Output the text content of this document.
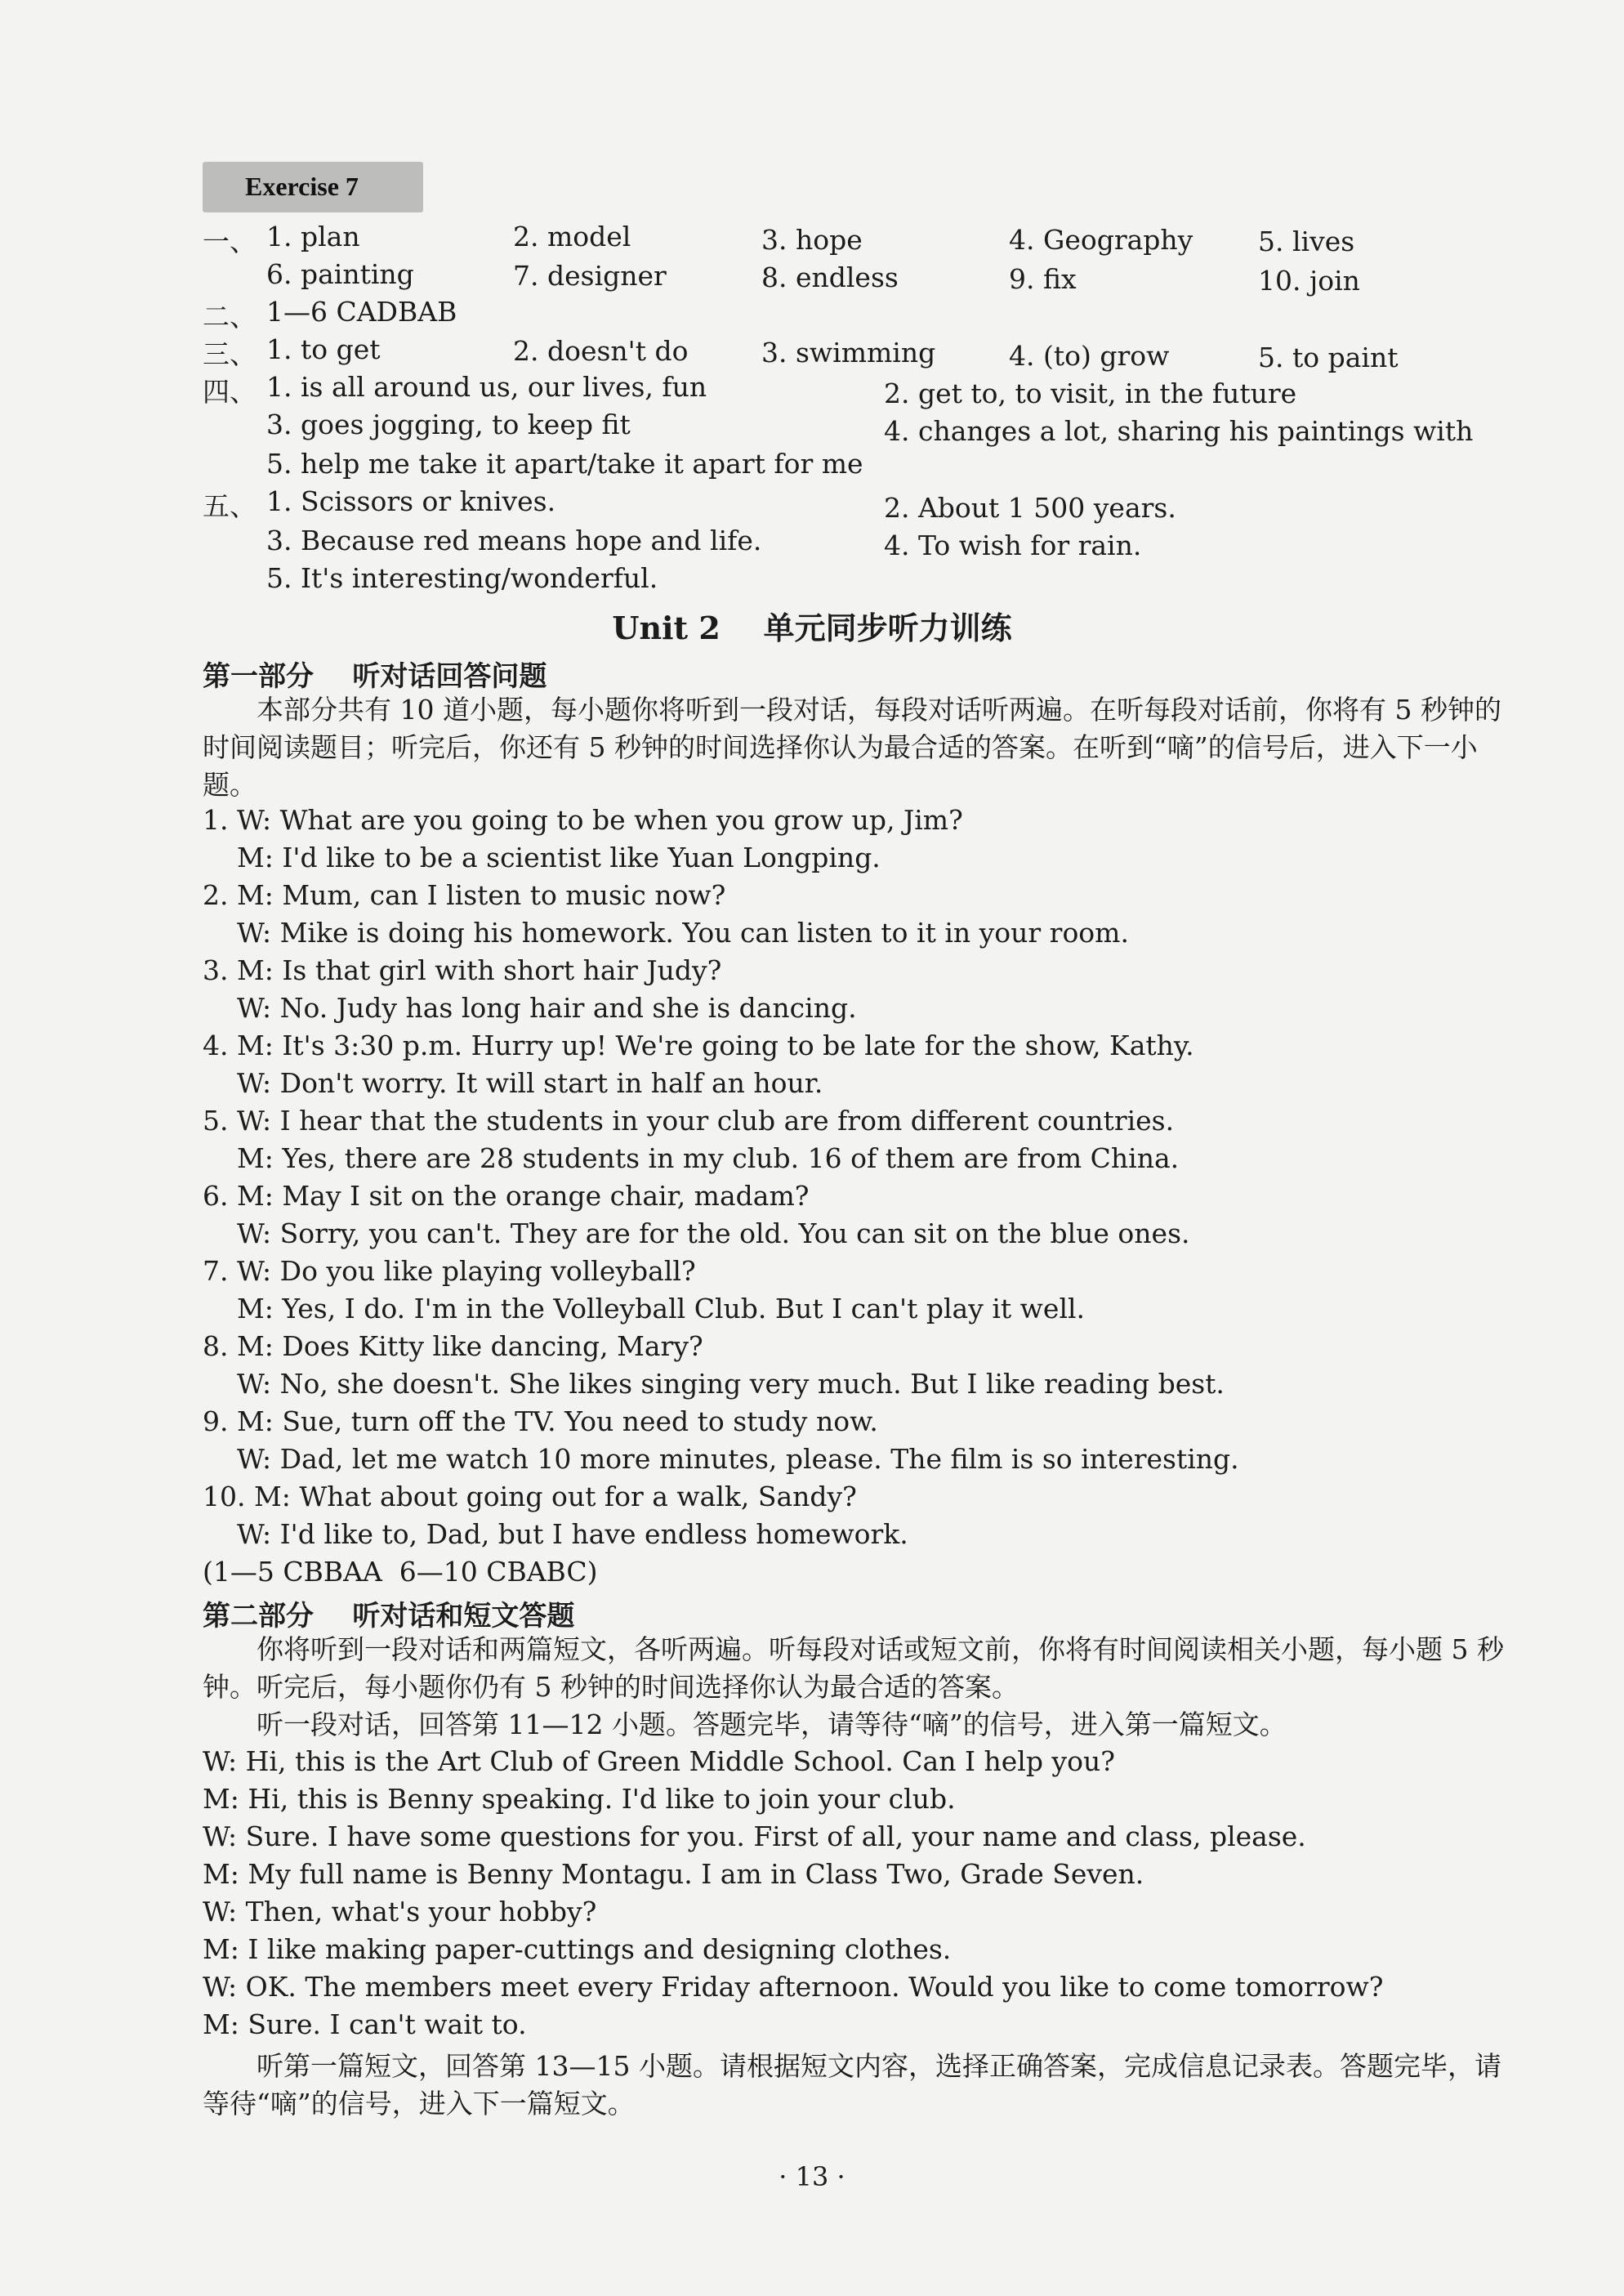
Exercise 7
一、 1. plan	2. model	3. hope	4. Geography 5. lives
6. painting	7. designer	8. endless	9. fix	10. join
二、 1—6 CADBAB
三、 1. to get	2. doesn't do	3. swimming	4. (to) grow	5. to paint
四、 1. is all around us, our lives, fun	2. get to, to visit, in the future
3. goes jogging, to keep fit	4. changes a lot, sharing his paintings with
5. help me take it apart/take it apart for me
五、 1. Scissors or knives.	2. About 1 500 years.
3. Because red means hope and life.	4. To wish for rain.
5. It's interesting/wonderful.
Unit 2    单元同步听力训练
第一部分    听对话回答问题
本部分共有 10 道小题，每小题你将听到一段对话，每段对话听两遍。在听每段对话前，你将有 5 秒钟的时间阅读题目；听完后，你还有 5 秒钟的时间选择你认为最合适的答案。在听到“嘀”的信号后，进入下一小题。
1. W: What are you going to be when you grow up, Jim?
M: I'd like to be a scientist like Yuan Longping.
2. M: Mum, can I listen to music now?
W: Mike is doing his homework. You can listen to it in your room.
3. M: Is that girl with short hair Judy?
W: No. Judy has long hair and she is dancing.
4. M: It's 3:30 p.m. Hurry up! We're going to be late for the show, Kathy.
W: Don't worry. It will start in half an hour.
5. W: I hear that the students in your club are from different countries.
M: Yes, there are 28 students in my club. 16 of them are from China.
6. M: May I sit on the orange chair, madam?
W: Sorry, you can't. They are for the old. You can sit on the blue ones.
7. W: Do you like playing volleyball?
M: Yes, I do. I'm in the Volleyball Club. But I can't play it well.
8. M: Does Kitty like dancing, Mary?
W: No, she doesn't. She likes singing very much. But I like reading best.
9. M: Sue, turn off the TV. You need to study now.
W: Dad, let me watch 10 more minutes, please. The film is so interesting.
10. M: What about going out for a walk, Sandy?
W: I'd like to, Dad, but I have endless homework.
(1—5 CBBAA  6—10 CBABC)
第二部分    听对话和短文答题
你将听到一段对话和两篇短文，各听两遍。听每段对话或短文前，你将有时间阅读相关小题，每小题 5 秒钟。听完后，每小题你仍有 5 秒钟的时间选择你认为最合适的答案。
听一段对话，回答第 11—12 小题。答题完毕，请等待“嘀”的信号，进入第一篇短文。
W: Hi, this is the Art Club of Green Middle School. Can I help you?
M: Hi, this is Benny speaking. I'd like to join your club.
W: Sure. I have some questions for you. First of all, your name and class, please.
M: My full name is Benny Montagu. I am in Class Two, Grade Seven.
W: Then, what's your hobby?
M: I like making paper-cuttings and designing clothes.
W: OK. The members meet every Friday afternoon. Would you like to come tomorrow?
M: Sure. I can't wait to.
听第一篇短文，回答第 13—15 小题。请根据短文内容，选择正确答案，完成信息记录表。答题完毕，请等待“嘀”的信号，进入下一篇短文。
· 13 ·
